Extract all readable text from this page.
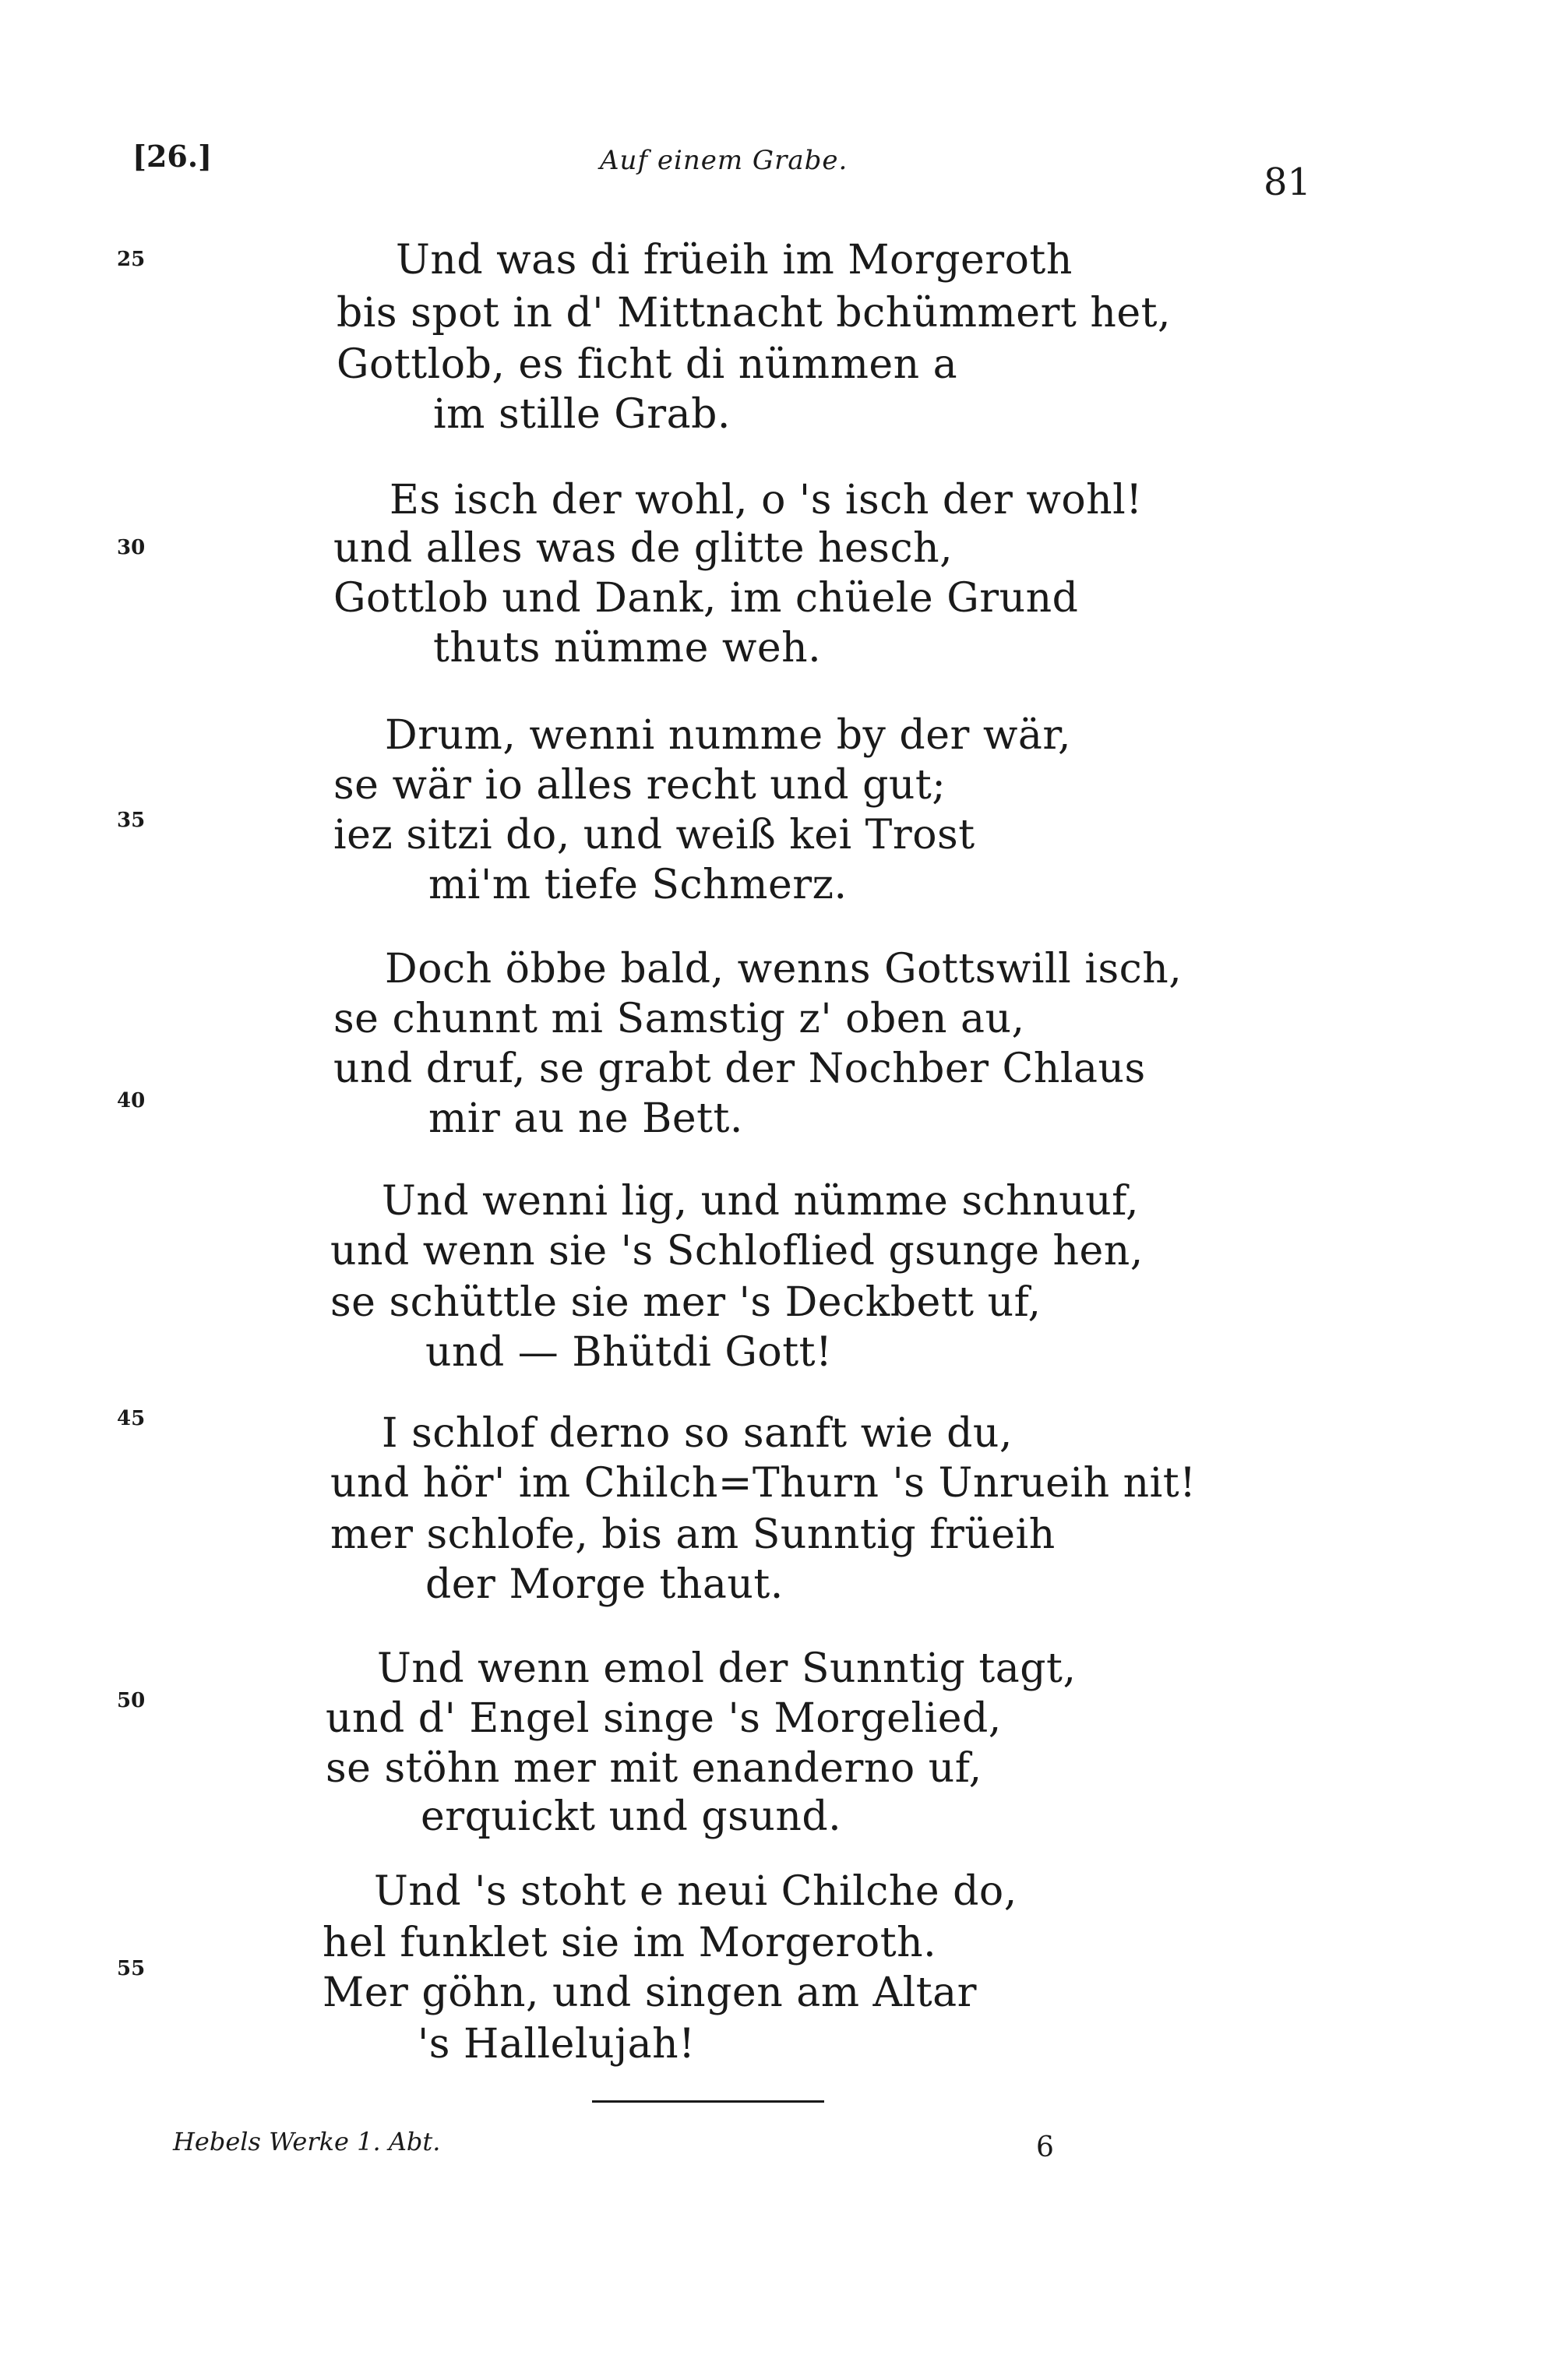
[26.]	Auf einem Grabe.	81
25
30
35
40
45
50
55
Und was di früeih im Morgeroth
bis spot in d' Mittnacht bchümmert het,
Gottlob, es ficht di nümmen a
im stille Grab.
Es isch der wohl, o 's isch der wohl!
und alles was de glitte hesch,
Gottlob und Dank, im chüele Grund
thuts nümme weh.
Drum, wenni numme by der wär,
se wär io alles recht und gut;
iez sitzi do, und weiß kei Trost
mi'm tiefe Schmerz.
Doch öbbe bald, wenns Gottswill isch,
se chunnt mi Samstig z' oben au,
und druf, se grabt der Nochber Chlaus
mir au ne Bett.
Und wenni lig, und nümme schnuuf,
und wenn sie 's Schloflied gsunge hen,
se schüttle sie mer 's Deckbett uf,
und — Bhütdi Gott!
I schlof derno so sanft wie du,
und hör' im Chilch=Thurn 's Unrueih nit!
mer schlofe, bis am Sunntig früeih
der Morge thaut.
Und wenn emol der Sunntig tagt,
und d' Engel singe 's Morgelied,
se stöhn mer mit enanderno uf,
erquickt und gsund.
Und 's stoht e neui Chilche do,
hel funklet sie im Morgeroth.
Mer göhn, und singen am Altar
's Hallelujah!
Hebels Werke 1. Abt.	6
